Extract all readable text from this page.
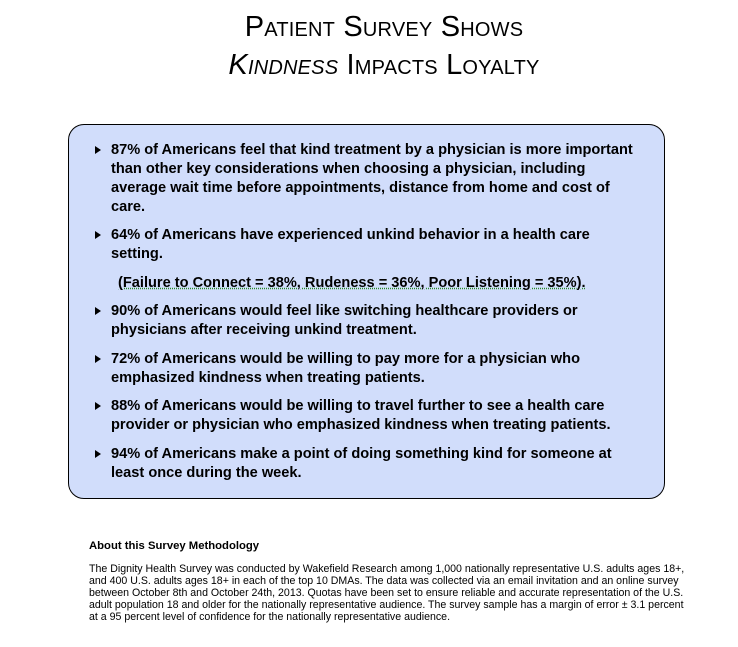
Patient Survey Shows
Kindness Impacts Loyalty
87% of Americans feel that kind treatment by a physician is more important than other key considerations when choosing a physician, including average wait time before appointments, distance from home and cost of care.
64% of Americans have experienced unkind behavior in a health care setting.
(Failure to Connect = 38%, Rudeness = 36%, Poor Listening = 35%).
90% of Americans would feel like switching healthcare providers or physicians after receiving unkind treatment.
72% of Americans would be willing to pay more for a physician who emphasized kindness when treating patients.
88% of Americans would be willing to travel further to see a health care provider or physician who emphasized kindness when treating patients.
94% of Americans make a point of doing something kind for someone at least once during the week.
About this Survey Methodology
The Dignity Health Survey was conducted by Wakefield Research among 1,000 nationally representative U.S. adults ages 18+, and 400 U.S. adults ages 18+ in each of the top 10 DMAs. The data was collected via an email invitation and an online survey between October 8th and October 24th, 2013. Quotas have been set to ensure reliable and accurate representation of the U.S. adult population 18 and older for the nationally representative audience. The survey sample has a margin of error ± 3.1 percent at a 95 percent level of confidence for the nationally representative audience.
